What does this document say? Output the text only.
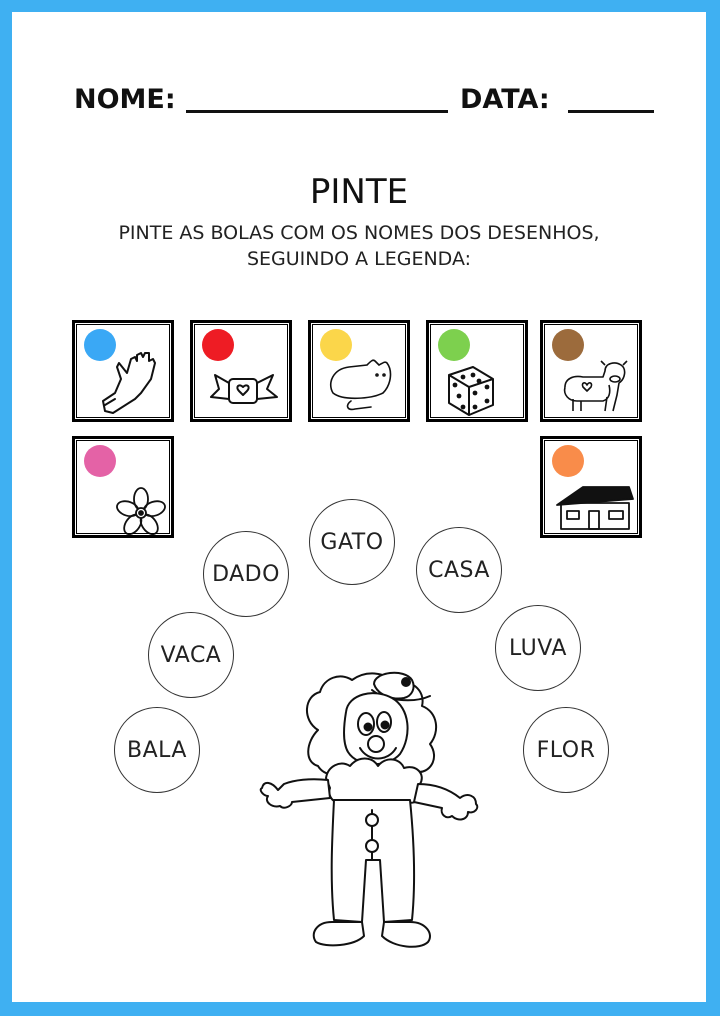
NOME:	DATA:
PINTE
PINTE AS BOLAS COM OS NOMES DOS DESENHOS,
SEGUINDO A LEGENDA:
GATO
DADO	CASA
VACA	LUVA
BALA	FLOR
